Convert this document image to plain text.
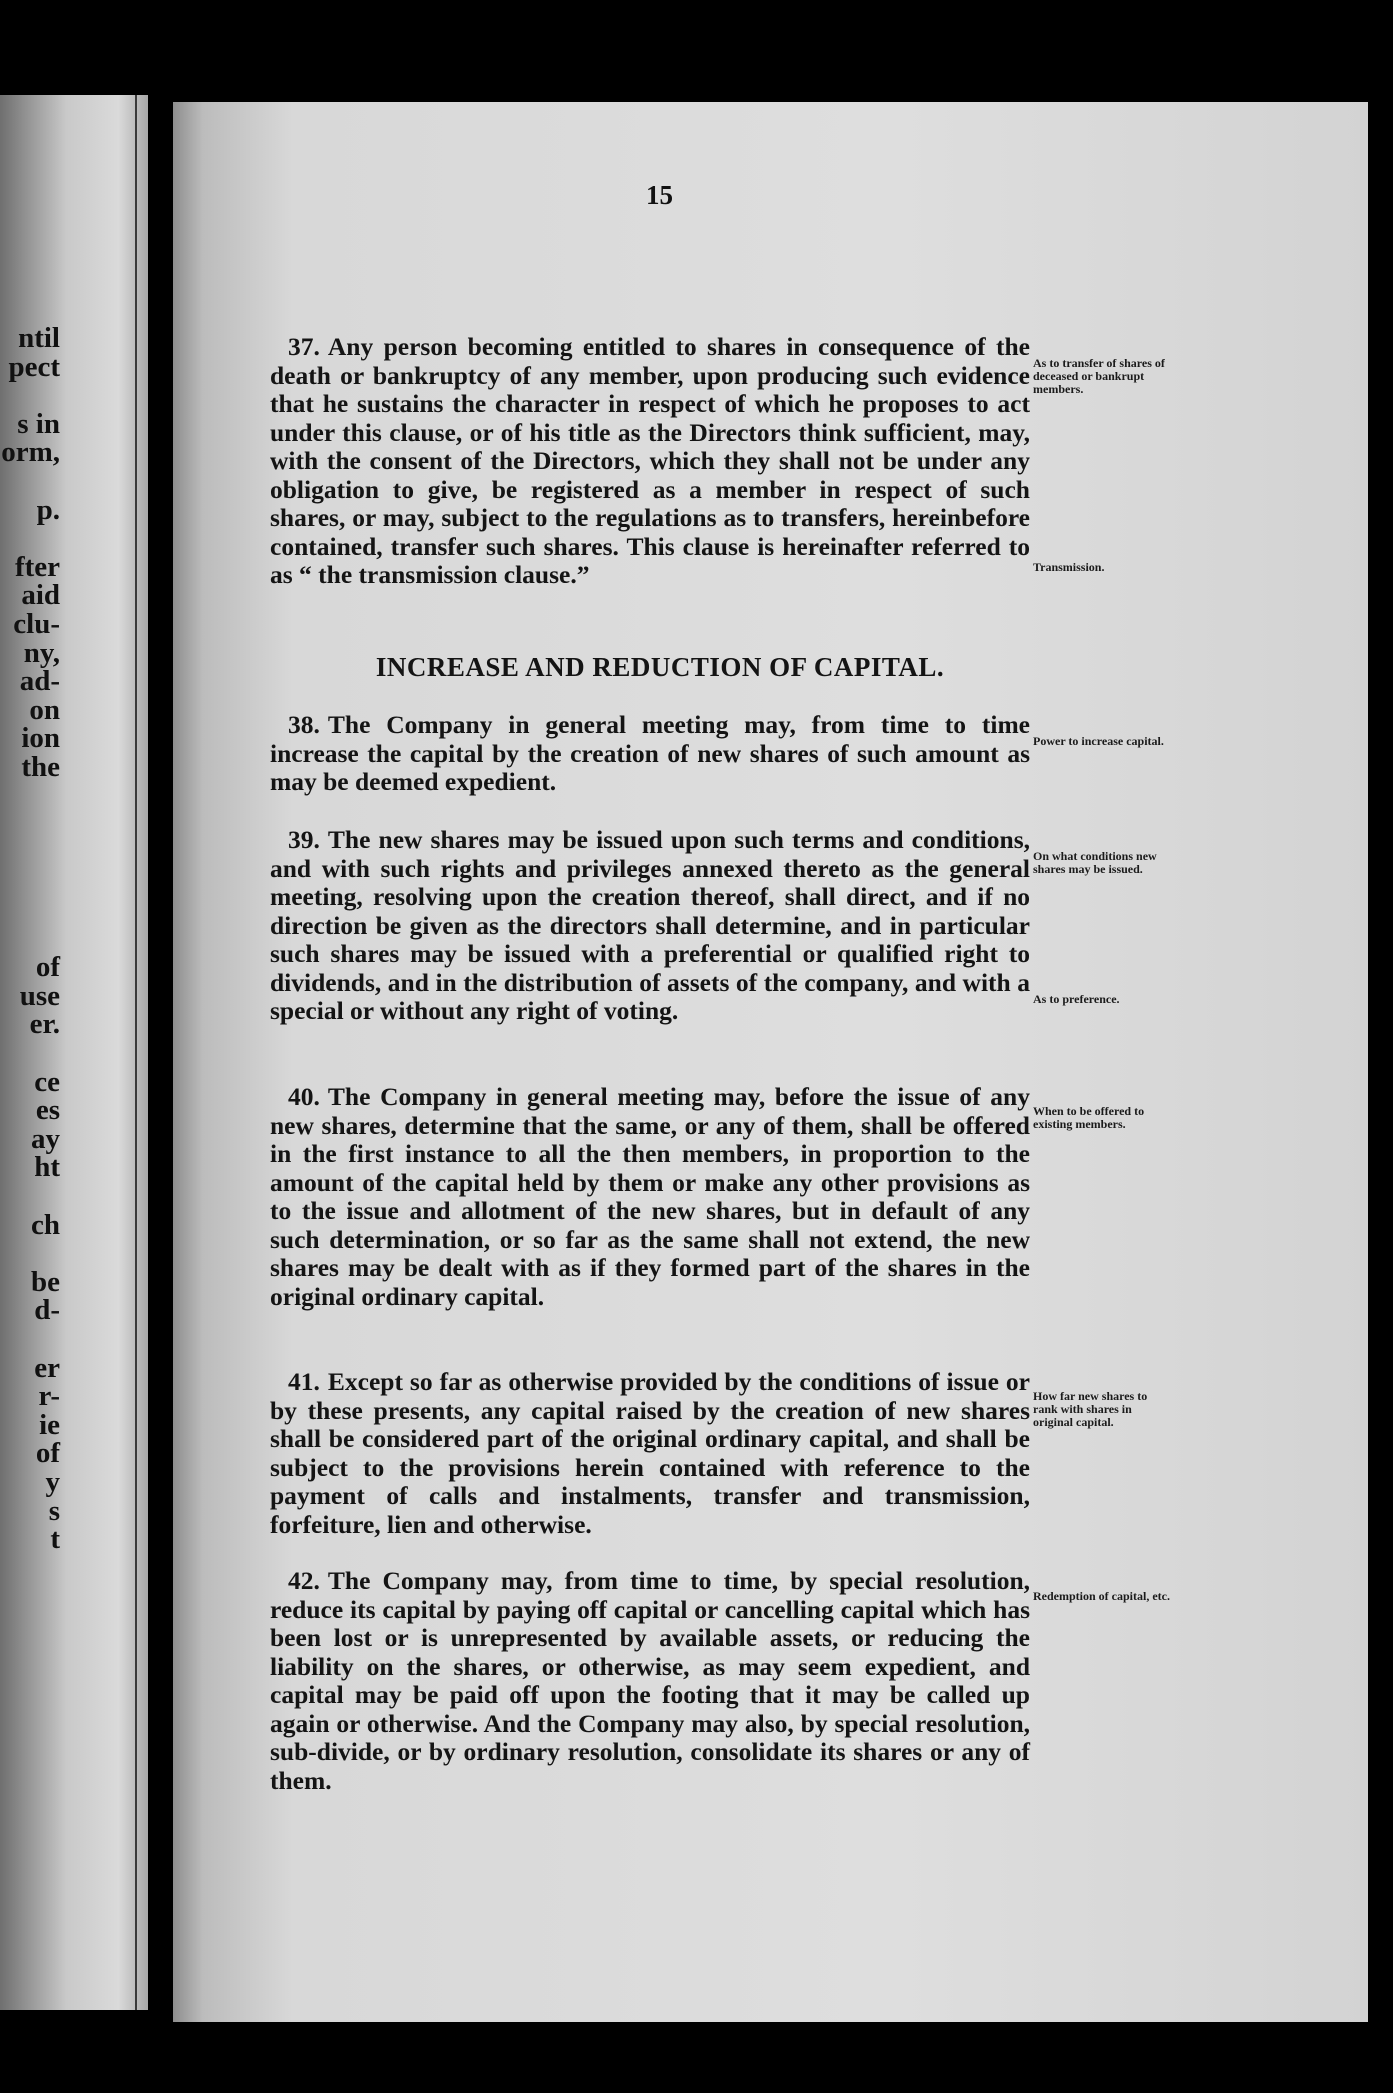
ntil
pect
s in
orm,
p.
fter
aid
clu-
ny,
ad-
on
ion
the
of
use
er.
ce
es
ay
ht
ch
be
d-
er
r-
ie
of
y
s
t
15
37. Any person becoming entitled to shares in consequence of the death or bankruptcy of any member, upon producing such evidence that he sustains the character in respect of which he proposes to act under this clause, or of his title as the Directors think sufficient, may, with the consent of the Directors, which they shall not be under any obligation to give, be registered as a member in respect of such shares, or may, subject to the regulations as to transfers, hereinbefore contained, transfer such shares. This clause is hereinafter referred to as “ the transmission clause.”
INCREASE AND REDUCTION OF CAPITAL.
38. The Company in general meeting may, from time to time increase the capital by the creation of new shares of such amount as may be deemed expedient.
39. The new shares may be issued upon such terms and conditions, and with such rights and privileges annexed thereto as the general meeting, resolving upon the creation thereof, shall direct, and if no direction be given as the directors shall determine, and in particular such shares may be issued with a preferential or qualified right to dividends, and in the distribution of assets of the company, and with a special or without any right of voting.
40. The Company in general meeting may, before the issue of any new shares, determine that the same, or any of them, shall be offered in the first instance to all the then members, in proportion to the amount of the capital held by them or make any other provisions as to the issue and allotment of the new shares, but in default of any such determination, or so far as the same shall not extend, the new shares may be dealt with as if they formed part of the shares in the original ordinary capital.
41. Except so far as otherwise provided by the conditions of issue or by these presents, any capital raised by the creation of new shares shall be considered part of the original ordinary capital, and shall be subject to the provisions herein contained with reference to the payment of calls and instalments, transfer and transmission, forfeiture, lien and otherwise.
42. The Company may, from time to time, by special resolution, reduce its capital by paying off capital or cancelling capital which has been lost or is unrepresented by available assets, or reducing the liability on the shares, or otherwise, as may seem expedient, and capital may be paid off upon the footing that it may be called up again or otherwise. And the Company may also, by special resolution, sub-divide, or by ordinary resolution, consolidate its shares or any of them.
As to transfer of shares of deceased or bankrupt members.
Transmission.
Power to increase capital.
On what conditions new shares may be issued.
As to preference.
When to be offered to existing members.
How far new shares to rank with shares in original capital.
Redemption of capital, etc.
